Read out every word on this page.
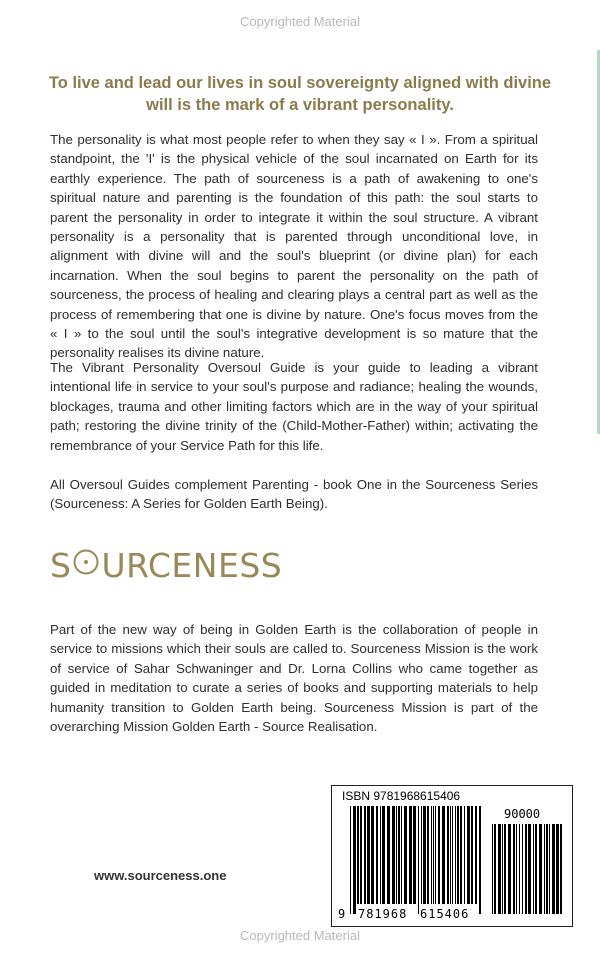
Copyrighted Material
To live and lead our lives in soul sovereignty aligned with divine will is the mark of a vibrant personality.

The personality is what most people refer to when they say « I ». From a spiritual standpoint, the 'I' is the physical vehicle of the soul incarnated on Earth for its earthly experience. The path of sourceness is a path of awakening to one's spiritual nature and parenting is the foundation of this path: the soul starts to parent the personality in order to integrate it within the soul structure. A vibrant personality is a personality that is parented through unconditional love, in alignment with divine will and the soul's blueprint (or divine plan) for each incarnation. When the soul begins to parent the personality on the path of sourceness, the process of healing and clearing plays a central part as well as the process of remembering that one is divine by nature. One's focus moves from the « I » to the soul until the soul's integrative development is so mature that the personality realises its divine nature.

The Vibrant Personality Oversoul Guide is your guide to leading a vibrant intentional life in service to your soul's purpose and radiance; healing the wounds, blockages, trauma and other limiting factors which are in the way of your spiritual path; restoring the divine trinity of the (Child-Mother-Father) within; activating the remembrance of your Service Path for this life.

All Oversoul Guides complement Parenting - book One in the Sourceness Series (Sourceness: A Series for Golden Earth Being).

S URCENESS

Part of the new way of being in Golden Earth is the collaboration of people in service to missions which their souls are called to. Sourceness Mission is the work of service of Sahar Schwaninger and Dr. Lorna Collins who came together as guided in meditation to curate a series of books and supporting materials to help humanity transition to Golden Earth being. Sourceness Mission is part of the overarching Mission Golden Earth - Source Realisation.

www.sourceness.one
ISBN 9781968615406
90000
9 781968 615406
Copyrighted Material
